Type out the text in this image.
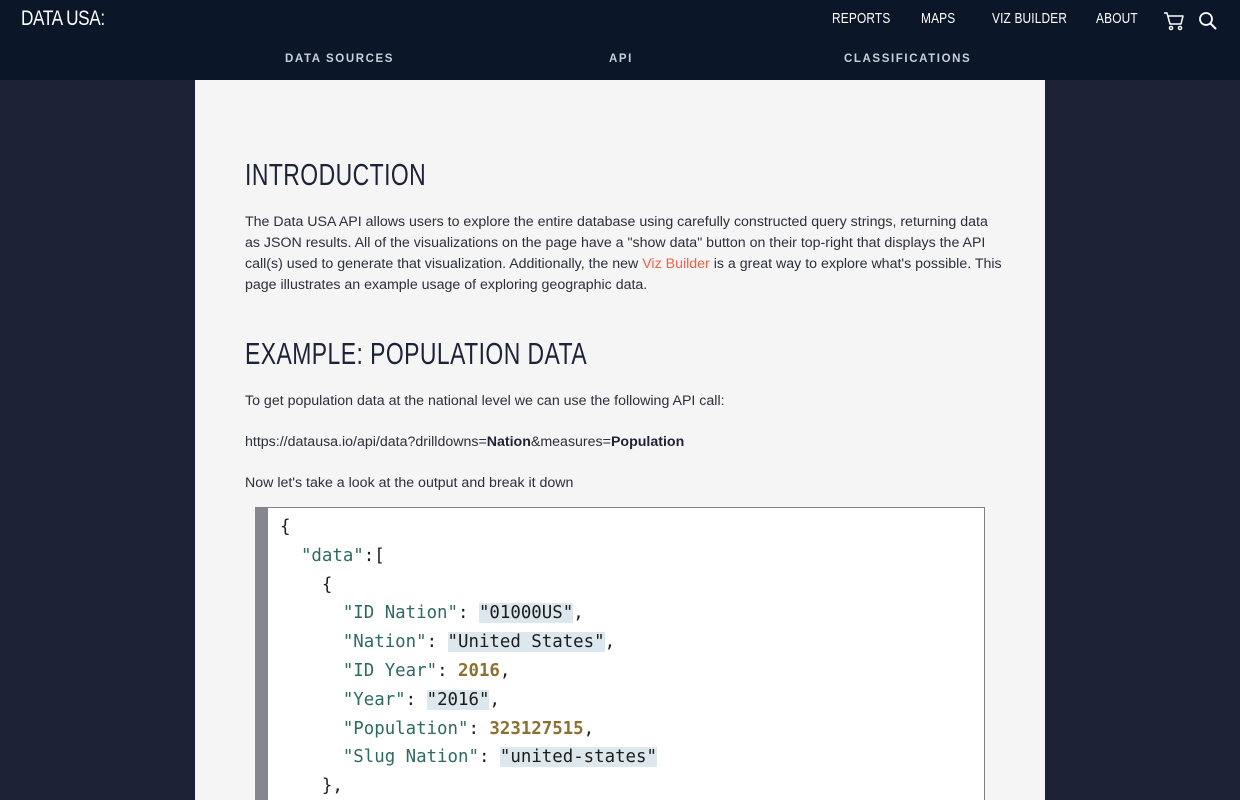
DATA USA:	REPORTS MAPS	VIZ BUILDER ABOUT
DATA SOURCES	API	CLASSIFICATIONS
INTRODUCTION

The Data USA API allows users to explore the entire database using carefully constructed query strings, returning data as JSON results. All of the visualizations on the page have a "show data" button on their top-right that displays the API call(s) used to generate that visualization. Additionally, the new Viz Builder is a great way to explore what's possible. This page illustrates an example usage of exploring geographic data.

EXAMPLE: POPULATION DATA

To get population data at the national level we can use the following API call:

https://datausa.io/api/data?drilldowns=Nation&measures=Population

Now let's take a look at the output and break it down

{
"data":[
{
"ID Nation": "01000US",
"Nation": "United States",
"ID Year": 2016,
"Year": "2016",
"Population": 323127515,
"Slug Nation": "united-states"
},
